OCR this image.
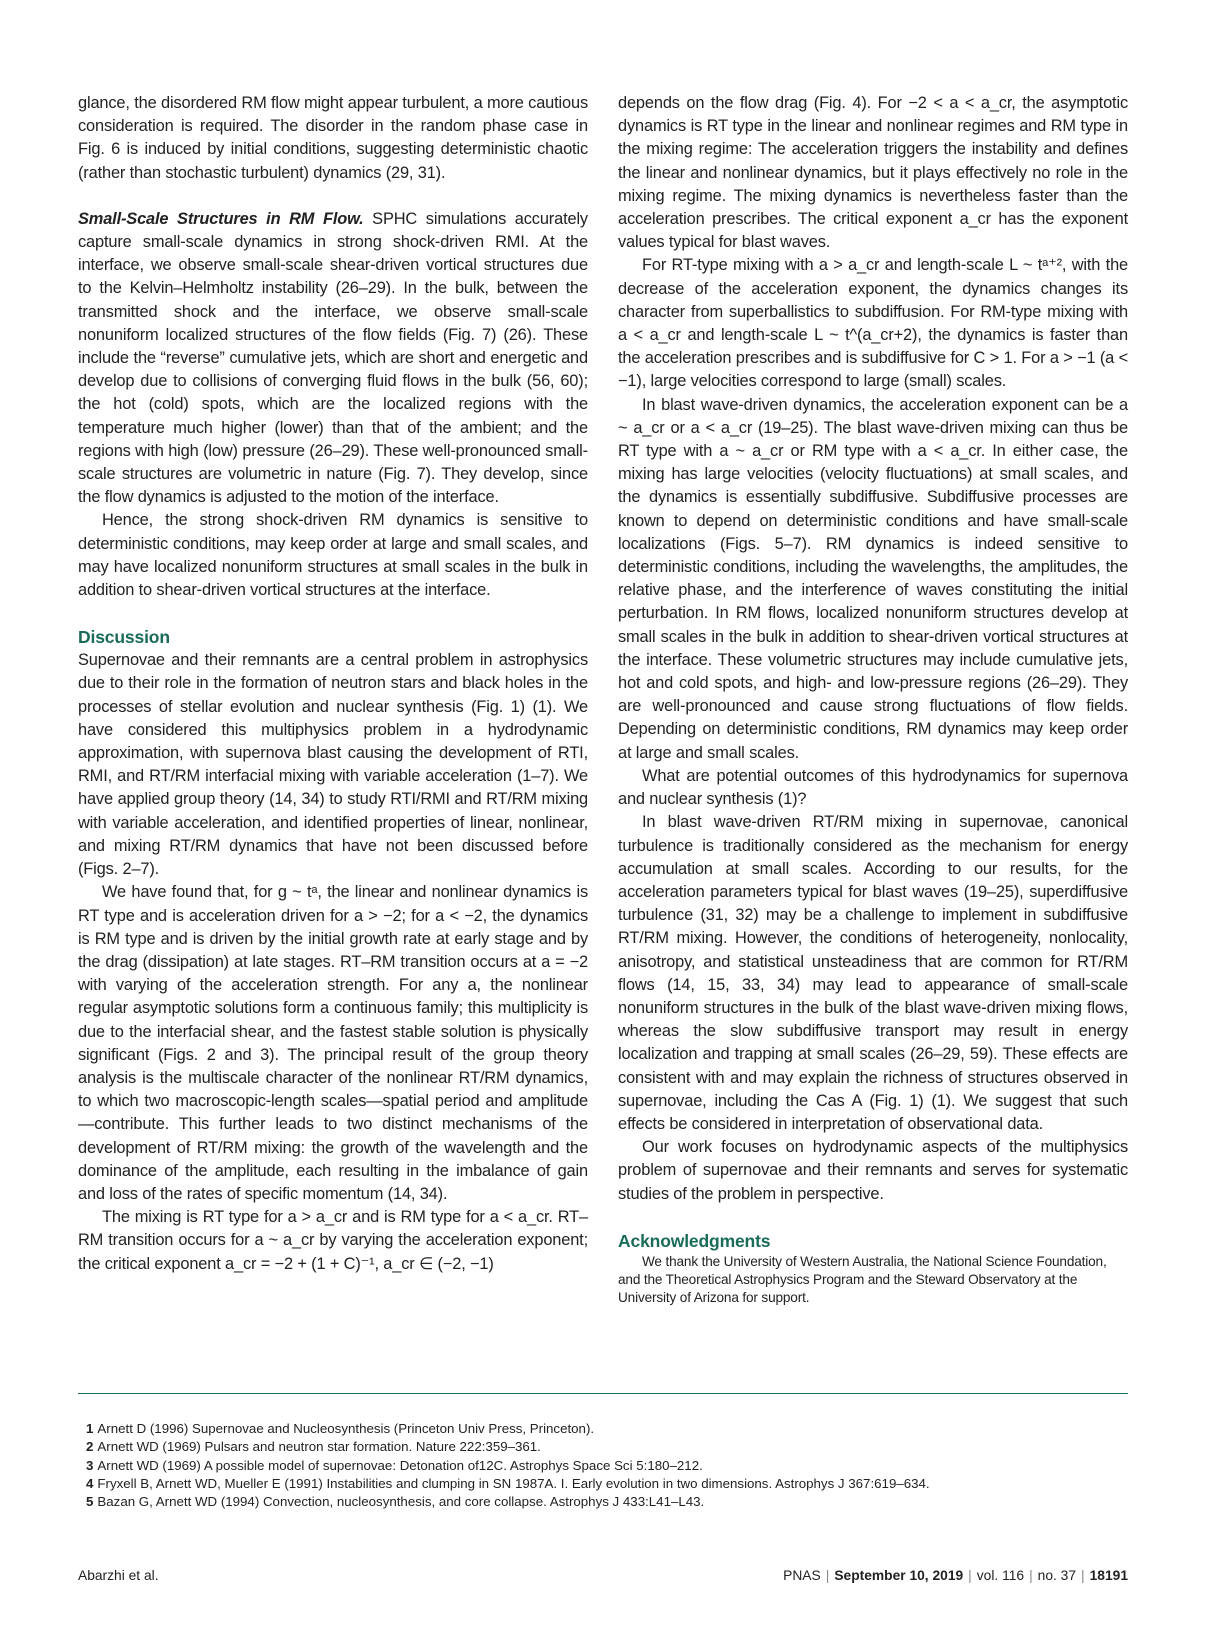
glance, the disordered RM flow might appear turbulent, a more cautious consideration is required. The disorder in the random phase case in Fig. 6 is induced by initial conditions, suggesting deterministic chaotic (rather than stochastic turbulent) dynamics (29, 31).

Small-Scale Structures in RM Flow. SPHC simulations accurately capture small-scale dynamics in strong shock-driven RMI. At the interface, we observe small-scale shear-driven vortical structures due to the Kelvin–Helmholtz instability (26–29). In the bulk, between the transmitted shock and the interface, we observe small-scale nonuniform localized structures of the flow fields (Fig. 7) (26). These include the “reverse” cumulative jets, which are short and energetic and develop due to collisions of converging fluid flows in the bulk (56, 60); the hot (cold) spots, which are the localized regions with the temperature much higher (lower) than that of the ambient; and the regions with high (low) pressure (26–29). These well-pronounced small-scale structures are volumetric in nature (Fig. 7). They develop, since the flow dynamics is adjusted to the motion of the interface.

Hence, the strong shock-driven RM dynamics is sensitive to deterministic conditions, may keep order at large and small scales, and may have localized nonuniform structures at small scales in the bulk in addition to shear-driven vortical structures at the interface.

Discussion

Supernovae and their remnants are a central problem in astrophysics due to their role in the formation of neutron stars and black holes in the processes of stellar evolution and nuclear synthesis (Fig. 1) (1). We have considered this multiphysics problem in a hydrodynamic approximation, with supernova blast causing the development of RTI, RMI, and RT/RM interfacial mixing with variable acceleration (1–7). We have applied group theory (14, 34) to study RTI/RMI and RT/RM mixing with variable acceleration, and identified properties of linear, nonlinear, and mixing RT/RM dynamics that have not been discussed before (Figs. 2–7).

We have found that, for g ~ tᵃ, the linear and nonlinear dynamics is RT type and is acceleration driven for a > −2; for a < −2, the dynamics is RM type and is driven by the initial growth rate at early stage and by the drag (dissipation) at late stages. RT–RM transition occurs at a = −2 with varying of the acceleration strength. For any a, the nonlinear regular asymptotic solutions form a continuous family; this multiplicity is due to the interfacial shear, and the fastest stable solution is physically significant (Figs. 2 and 3). The principal result of the group theory analysis is the multiscale character of the nonlinear RT/RM dynamics, to which two macroscopic-length scales—spatial period and amplitude—contribute. This further leads to two distinct mechanisms of the development of RT/RM mixing: the growth of the wavelength and the dominance of the amplitude, each resulting in the imbalance of gain and loss of the rates of specific momentum (14, 34).

The mixing is RT type for a > a_cr and is RM type for a < a_cr. RT–RM transition occurs for a ~ a_cr by varying the acceleration exponent; the critical exponent a_cr = −2 + (1 + C)⁻¹, a_cr ∈ (−2, −1)

depends on the flow drag (Fig. 4). For −2 < a < a_cr, the asymptotic dynamics is RT type in the linear and nonlinear regimes and RM type in the mixing regime: The acceleration triggers the instability and defines the linear and nonlinear dynamics, but it plays effectively no role in the mixing regime. The mixing dynamics is nevertheless faster than the acceleration prescribes. The critical exponent a_cr has the exponent values typical for blast waves.

For RT-type mixing with a > a_cr and length-scale L ~ tᵃ⁺², with the decrease of the acceleration exponent, the dynamics changes its character from superballistics to subdiffusion. For RM-type mixing with a < a_cr and length-scale L ~ t^(a_cr+2), the dynamics is faster than the acceleration prescribes and is subdiffusive for C > 1. For a > −1 (a < −1), large velocities correspond to large (small) scales.

In blast wave-driven dynamics, the acceleration exponent can be a ~ a_cr or a < a_cr (19–25). The blast wave-driven mixing can thus be RT type with a ~ a_cr or RM type with a < a_cr. In either case, the mixing has large velocities (velocity fluctuations) at small scales, and the dynamics is essentially subdiffusive. Subdiffusive processes are known to depend on deterministic conditions and have small-scale localizations (Figs. 5–7). RM dynamics is indeed sensitive to deterministic conditions, including the wavelengths, the amplitudes, the relative phase, and the interference of waves constituting the initial perturbation. In RM flows, localized nonuniform structures develop at small scales in the bulk in addition to shear-driven vortical structures at the interface. These volumetric structures may include cumulative jets, hot and cold spots, and high- and low-pressure regions (26–29). They are well-pronounced and cause strong fluctuations of flow fields. Depending on deterministic conditions, RM dynamics may keep order at large and small scales.

What are potential outcomes of this hydrodynamics for supernova and nuclear synthesis (1)?

In blast wave-driven RT/RM mixing in supernovae, canonical turbulence is traditionally considered as the mechanism for energy accumulation at small scales. According to our results, for the acceleration parameters typical for blast waves (19–25), superdiffusive turbulence (31, 32) may be a challenge to implement in subdiffusive RT/RM mixing. However, the conditions of heterogeneity, nonlocality, anisotropy, and statistical unsteadiness that are common for RT/RM flows (14, 15, 33, 34) may lead to appearance of small-scale nonuniform structures in the bulk of the blast wave-driven mixing flows, whereas the slow subdiffusive transport may result in energy localization and trapping at small scales (26–29, 59). These effects are consistent with and may explain the richness of structures observed in supernovae, including the Cas A (Fig. 1) (1). We suggest that such effects be considered in interpretation of observational data.

Our work focuses on hydrodynamic aspects of the multiphysics problem of supernovae and their remnants and serves for systematic studies of the problem in perspective.

Acknowledgments

We thank the University of Western Australia, the National Science Foundation, and the Theoretical Astrophysics Program and the Steward Observatory at the University of Arizona for support.

1 Arnett D (1996) Supernovae and Nucleosynthesis (Princeton Univ Press, Princeton).

2 Arnett WD (1969) Pulsars and neutron star formation. Nature 222:359–361.

3 Arnett WD (1969) A possible model of supernovae: Detonation of12C. Astrophys Space Sci 5:180–212.

4 Fryxell B, Arnett WD, Mueller E (1991) Instabilities and clumping in SN 1987A. I. Early evolution in two dimensions. Astrophys J 367:619–634.

5 Bazan G, Arnett WD (1994) Convection, nucleosynthesis, and core collapse. Astrophys J 433:L41–L43.

Abarzhi et al.	PNAS | September 10, 2019 | vol. 116 | no. 37 | 18191
